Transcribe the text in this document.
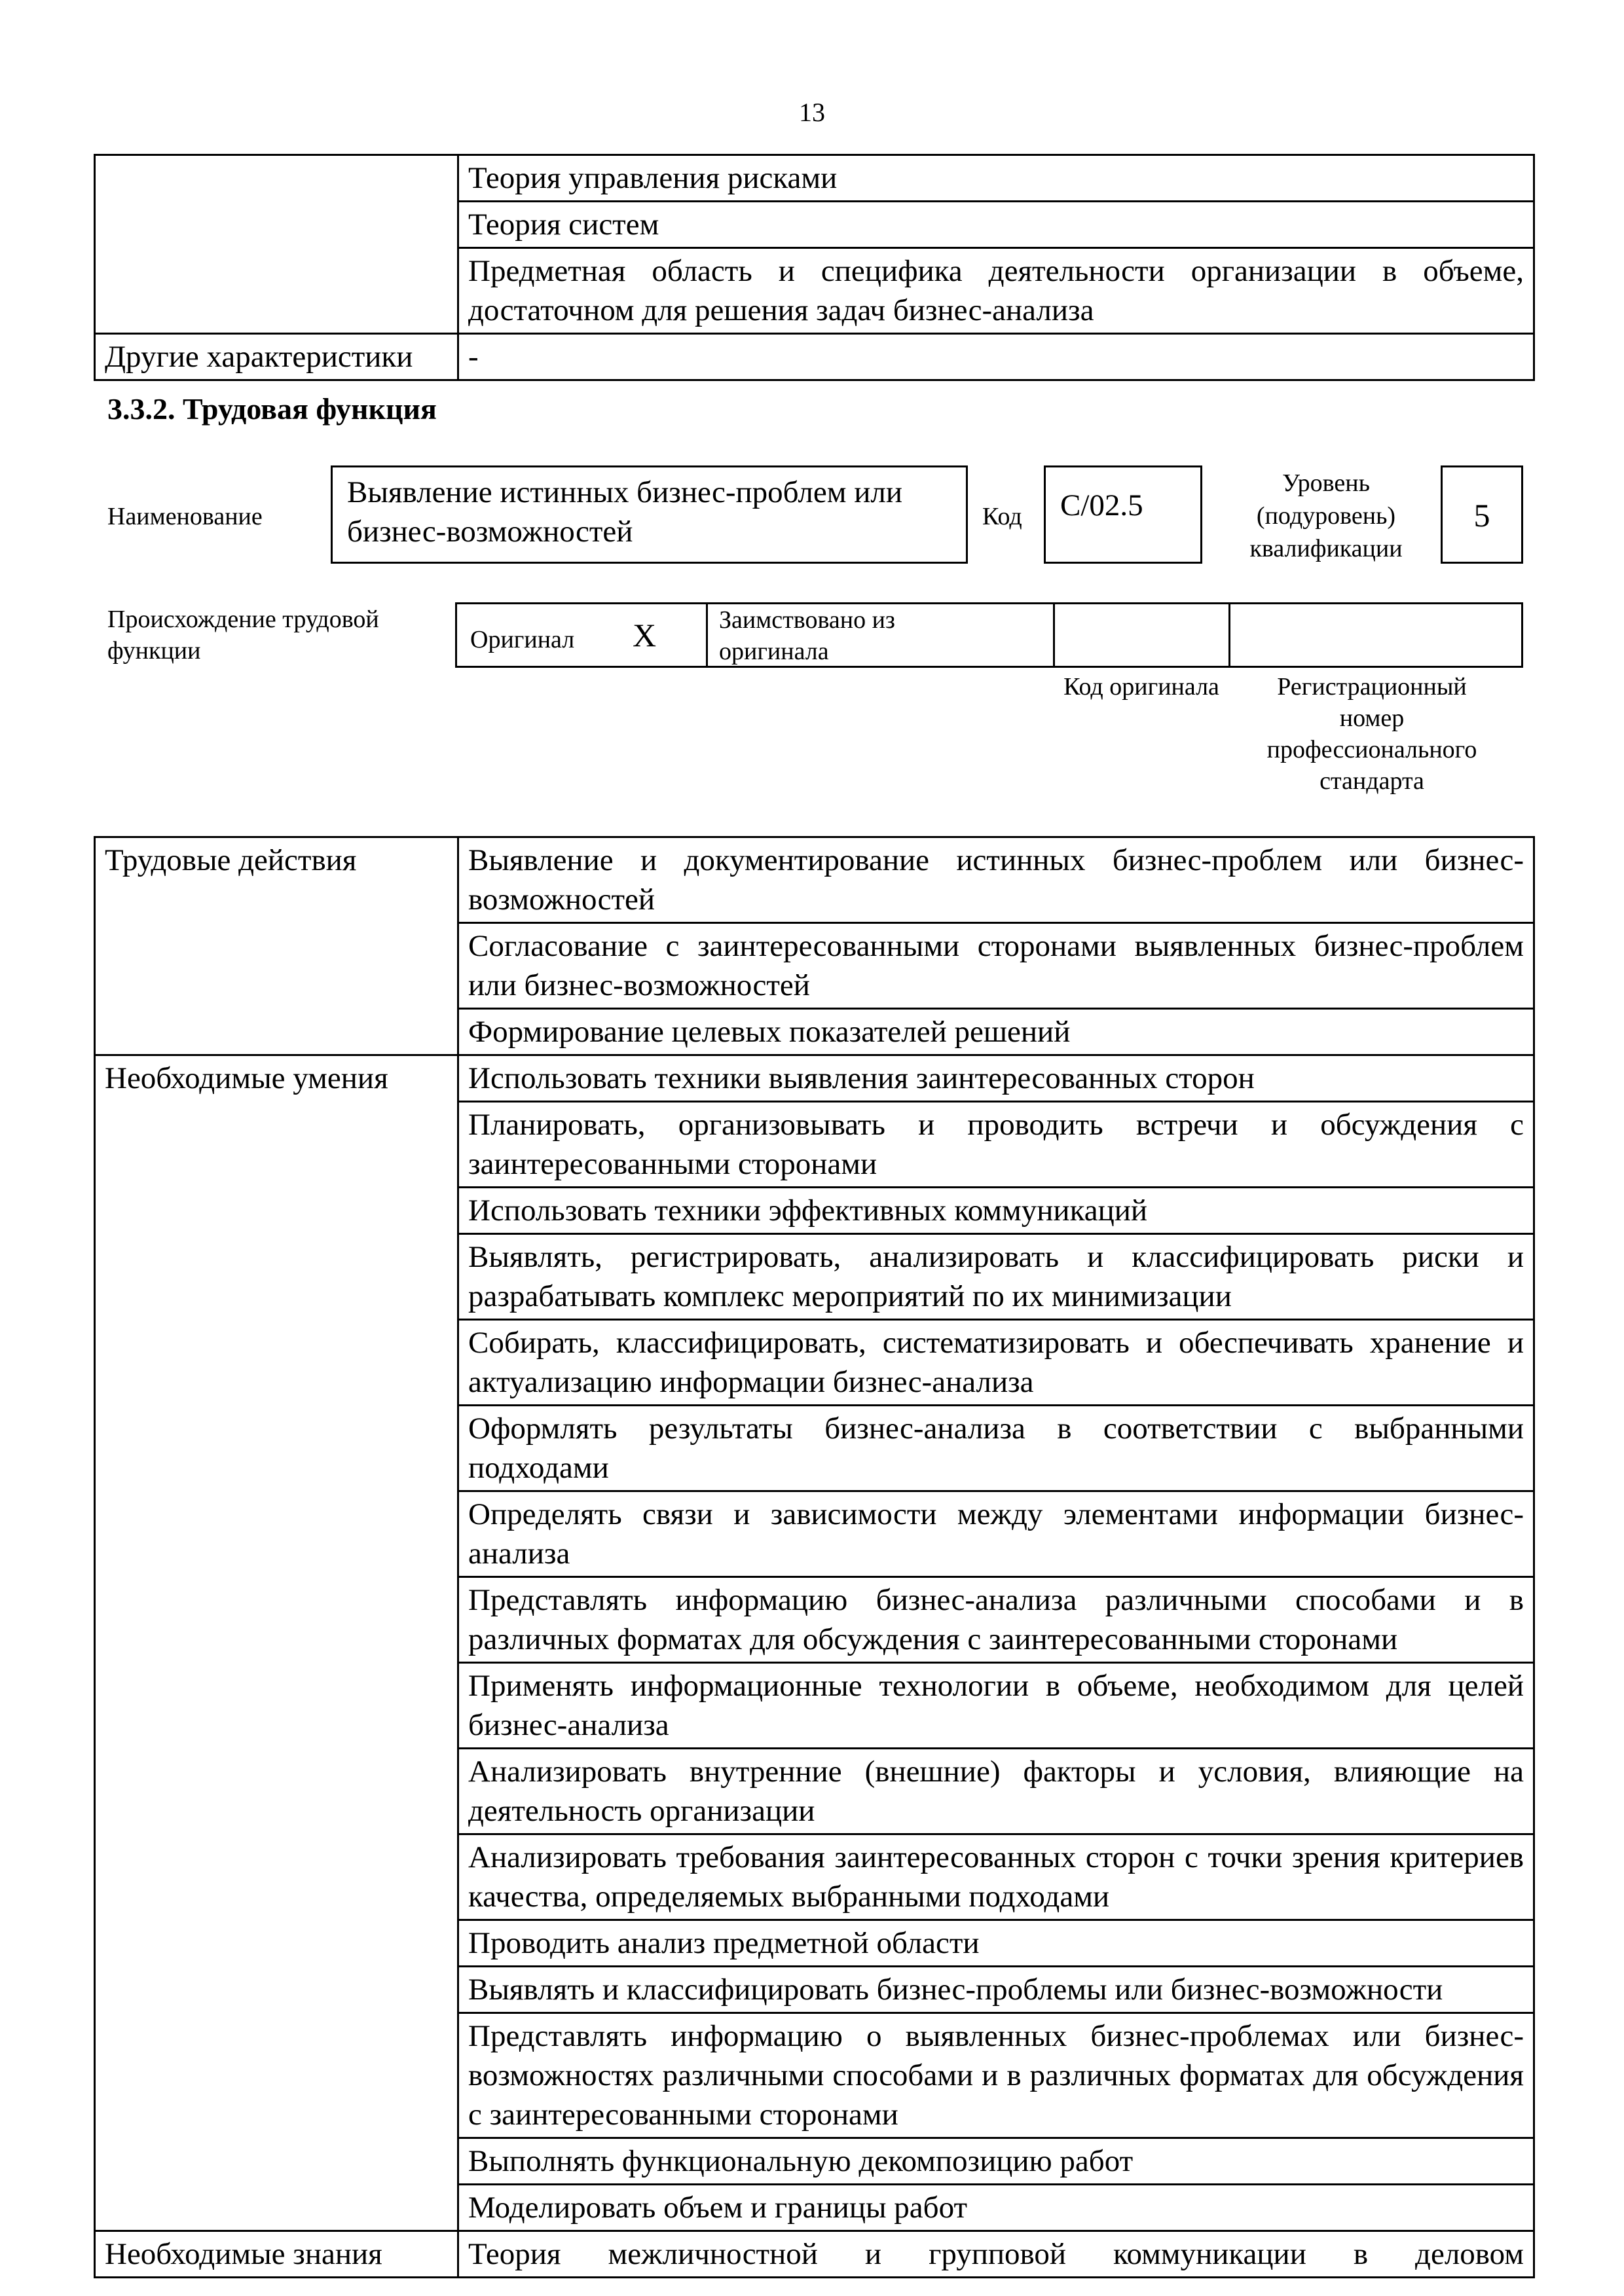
13
	Теория управления рисками
	Теория систем
	Предметная область и специфика деятельности организации в объеме, достаточном для решения задач бизнес-анализа
Другие характеристики	-
3.3.2. Трудовая функция
Наименование
Выявление истинных бизнес-проблем или бизнес-возможностей	Код	C/02.5
Уровень (подуровень) квалификации
5
Происхождение трудовой функции	Оригинал X	Заимствовано из оригинала
Код оригинала	Регистрационный номер профессионального стандарта
Трудовые действия	Выявление и документирование истинных бизнес-проблем или бизнес-возможностей
	Согласование с заинтересованными сторонами выявленных бизнес-проблем или бизнес-возможностей
	Формирование целевых показателей решений
Необходимые умения	Использовать техники выявления заинтересованных сторон
	Планировать, организовывать и проводить встречи и обсуждения с заинтересованными сторонами
	Использовать техники эффективных коммуникаций
	Выявлять, регистрировать, анализировать и классифицировать риски и разрабатывать комплекс мероприятий по их минимизации
	Собирать, классифицировать, систематизировать и обеспечивать хранение и актуализацию информации бизнес-анализа
	Оформлять результаты бизнес-анализа в соответствии с выбранными подходами
	Определять связи и зависимости между элементами информации бизнес-анализа
	Представлять информацию бизнес-анализа различными способами и в различных форматах для обсуждения с заинтересованными сторонами
	Применять информационные технологии в объеме, необходимом для целей бизнес-анализа
	Анализировать внутренние (внешние) факторы и условия, влияющие на деятельность организации
	Анализировать требования заинтересованных сторон с точки зрения критериев качества, определяемых выбранными подходами
	Проводить анализ предметной области
	Выявлять и классифицировать бизнес-проблемы или бизнес-возможности
	Представлять информацию о выявленных бизнес-проблемах или бизнес-возможностях различными способами и в различных форматах для обсуждения с заинтересованными сторонами
	Выполнять функциональную декомпозицию работ
	Моделировать объем и границы работ
Необходимые знания	Теория межличностной и групповой коммуникации в деловом
